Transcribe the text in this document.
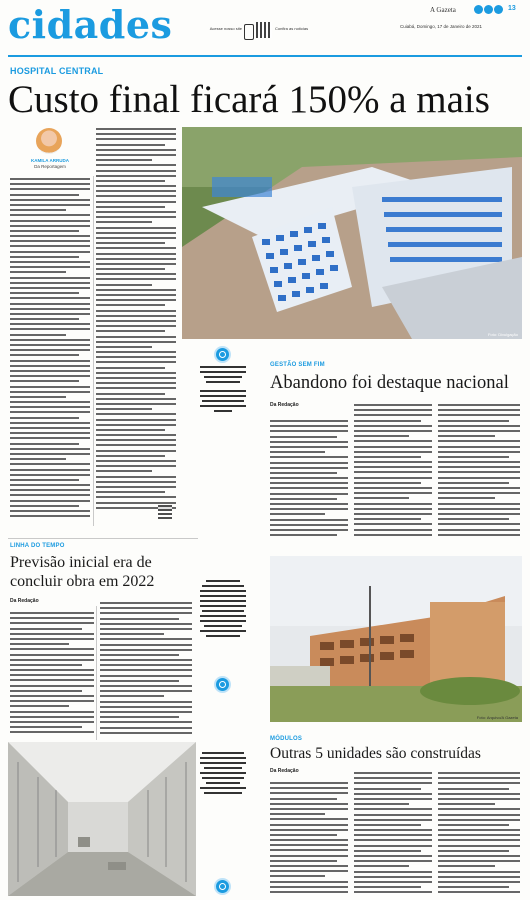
cidades	Acesse nosso site	Confira as notícias
A Gazeta	13
Cuiabá, Domingo, 17 de Janeiro de 2021
HOSPITAL CENTRAL
Custo final ficará 150% a mais
KAMILA ARRUDA
Da Reportagem
Foto: Divulgação
GESTÃO SEM FIM
Abandono foi destaque nacional
Da Redação
LINHA DO TEMPO
Previsão inicial era de
concluir obra em 2022
Da Redação
Foto: Arquivo/A Gazeta
MÓDULOS
Outras 5 unidades são construídas
Da Redação
